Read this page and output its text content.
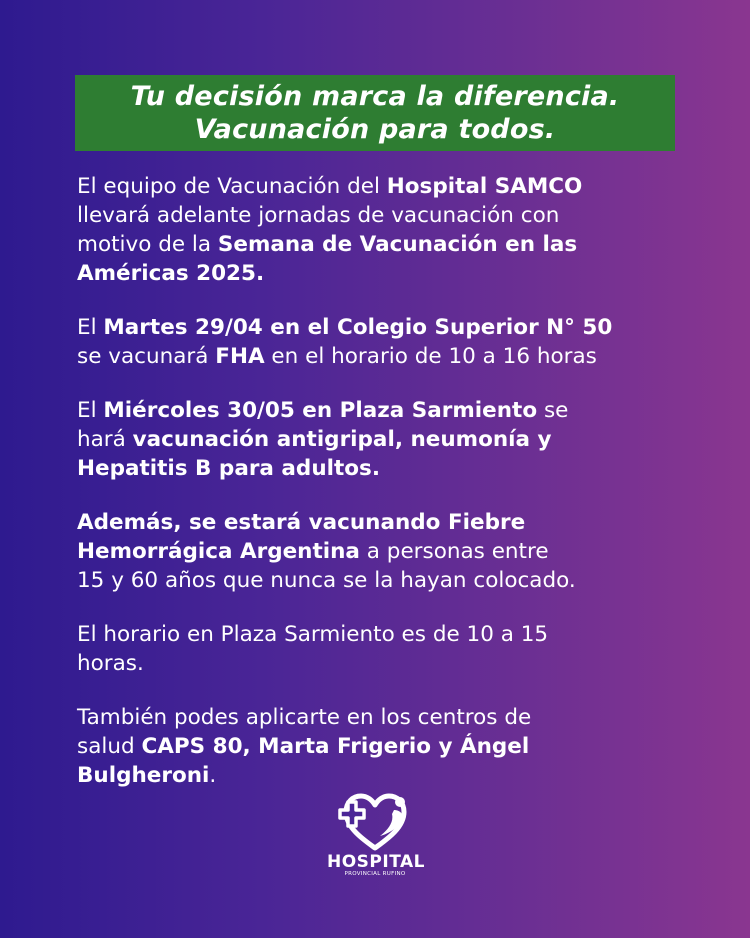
Tu decisión marca la diferencia.
Vacunación para todos.

El equipo de Vacunación del Hospital SAMCO
llevará adelante jornadas de vacunación con
motivo de la Semana de Vacunación en las
Américas 2025.

El Martes 29/04 en el Colegio Superior N° 50
se vacunará FHA en el horario de 10 a 16 horas

El Miércoles 30/05 en Plaza Sarmiento se
hará vacunación antigripal, neumonía y
Hepatitis B para adultos.

Además, se estará vacunando Fiebre
Hemorrágica Argentina a personas entre
15 y 60 años que nunca se la hayan colocado.

El horario en Plaza Sarmiento es de 10 a 15
horas.

También podes aplicarte en los centros de
salud CAPS 80, Marta Frigerio y Ángel
Bulgheroni.

HOSPITAL
PROVINCIAL RUFINO
